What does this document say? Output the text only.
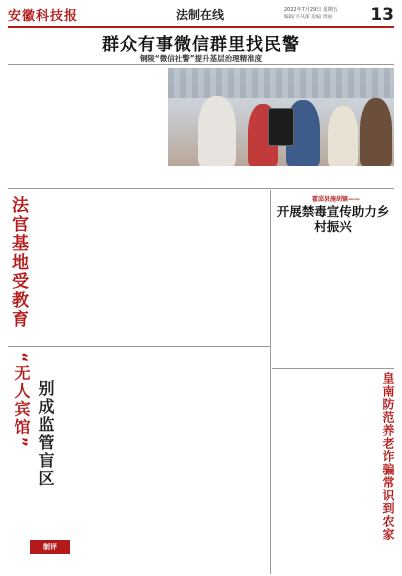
安徽科技报	法制在线	2022年7月29日 星期五
编辑/ 许从郁 美编/ 周丽 13
群众有事微信群里找民警
铜陵“微信社警”提升基层治理精准度
法官基地受教育	霍邱县施胡镇——
开展禁毒宣传助力乡村振兴
“无人宾馆” 别成监管盲区
制评
皇南防范养老诈骗常识到农家
